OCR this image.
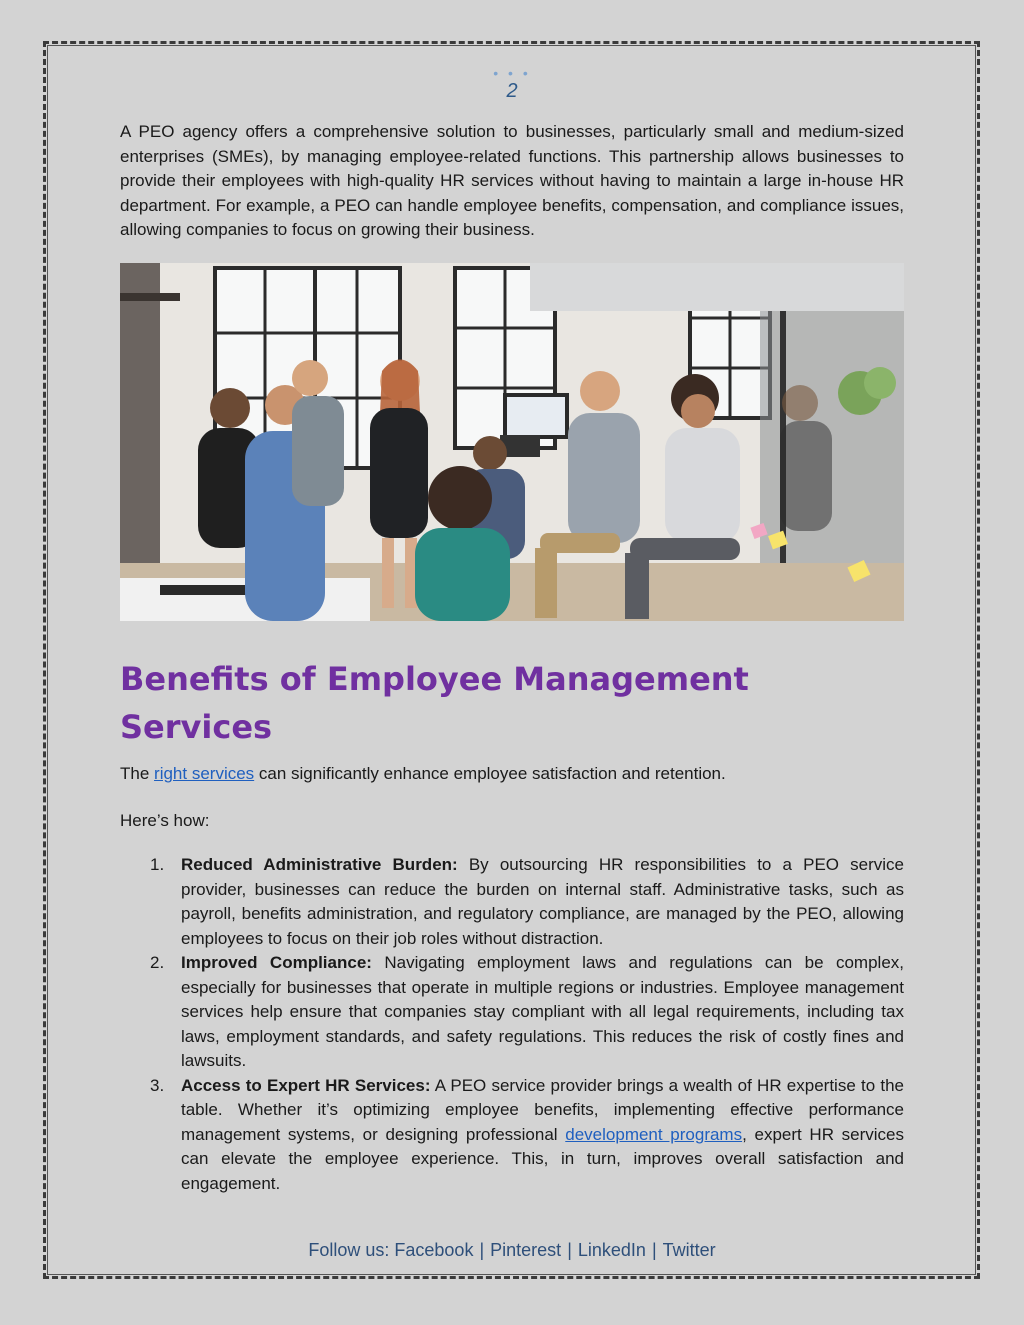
• • •
2

A PEO agency offers a comprehensive solution to businesses, particularly small and medium-sized enterprises (SMEs), by managing employee-related functions. This partnership allows businesses to provide their employees with high-quality HR services without having to maintain a large in-house HR department. For example, a PEO can handle employee benefits, compensation, and compliance issues, allowing companies to focus on growing their business.

Benefits of Employee Management Services

The right services can significantly enhance employee satisfaction and retention.

Here’s how:

1. Reduced Administrative Burden: By outsourcing HR responsibilities to a PEO service provider, businesses can reduce the burden on internal staff. Administrative tasks, such as payroll, benefits administration, and regulatory compliance, are managed by the PEO, allowing employees to focus on their job roles without distraction.
2. Improved Compliance: Navigating employment laws and regulations can be complex, especially for businesses that operate in multiple regions or industries. Employee management services help ensure that companies stay compliant with all legal requirements, including tax laws, employment standards, and safety regulations. This reduces the risk of costly fines and lawsuits.
3. Access to Expert HR Services: A PEO service provider brings a wealth of HR expertise to the table. Whether it’s optimizing employee benefits, implementing effective performance management systems, or designing professional development programs, expert HR services can elevate the employee experience. This, in turn, improves overall satisfaction and engagement.
Follow us: Facebook | Pinterest | LinkedIn | Twitter
